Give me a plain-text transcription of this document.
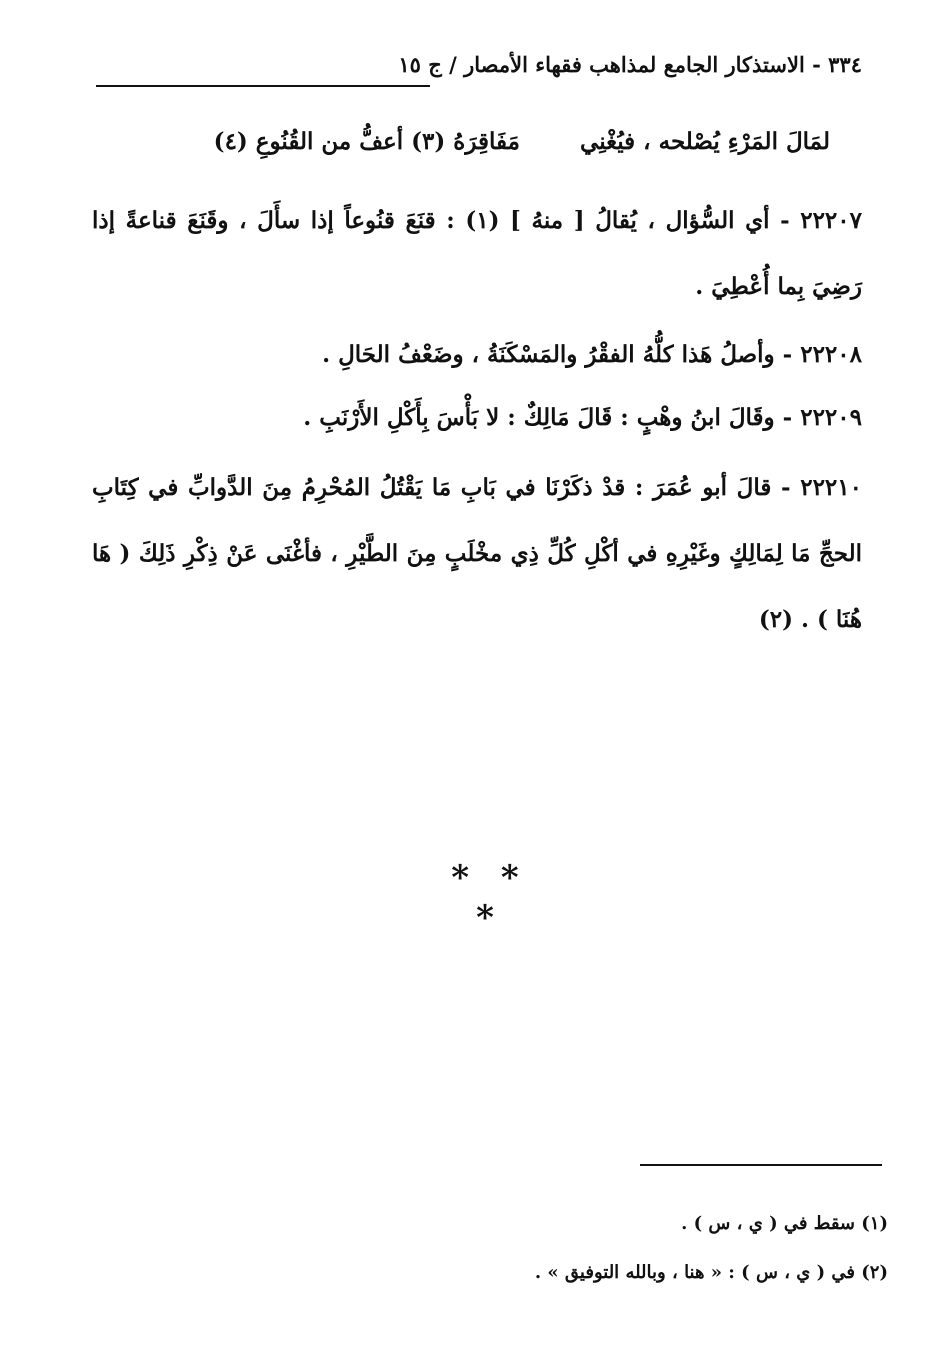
٣٣٤ - الاستذكار الجامع لمذاهب فقهاء الأمصار / ج ١٥
لمَالَ المَرْءِ يُصْلحه ، فيُغْنِي
مَفَاقِرَهُ (٣) أعفُّ من القُنُوعِ (٤)
٢٢٢٠٧ - أي السُّؤال ، يُقالُ [ منهُ ] (١) : قنَعَ قنُوعاً إذا سأَلَ ، وقَنَعَ قناعةً إذا رَضِيَ بِما أُعْطِيَ .
٢٢٢٠٨ - وأصلُ هَذا كلُّهُ الفقْرُ والمَسْكَنَةُ ، وضَعْفُ الحَالِ .
٢٢٢٠٩ - وقَالَ ابنُ وهْبٍ : قَالَ مَالِكٌ : لا بَأْسَ بِأَكْلِ الأَرْنَبِ .
٢٢٢١٠ - قالَ أبو عُمَرَ : قدْ ذكَرْنَا في بَابِ مَا يَقْتُلُ المُحْرِمُ مِنَ الدَّوابِّ في كِتَابِ الحجِّ مَا لِمَالِكٍ وغَيْرِهِ في أكْلِ كُلِّ ذِي مخْلَبٍ مِنَ الطَّيْرِ ، فأغْنَى عَنْ ذِكْرِ ذَلِكَ ( هَا هُنَا ) . (٢)
* * *
(١) سقط في ( ي ، س ) .
(٢) في ( ي ، س ) : « هنا ، وبالله التوفيق » .
